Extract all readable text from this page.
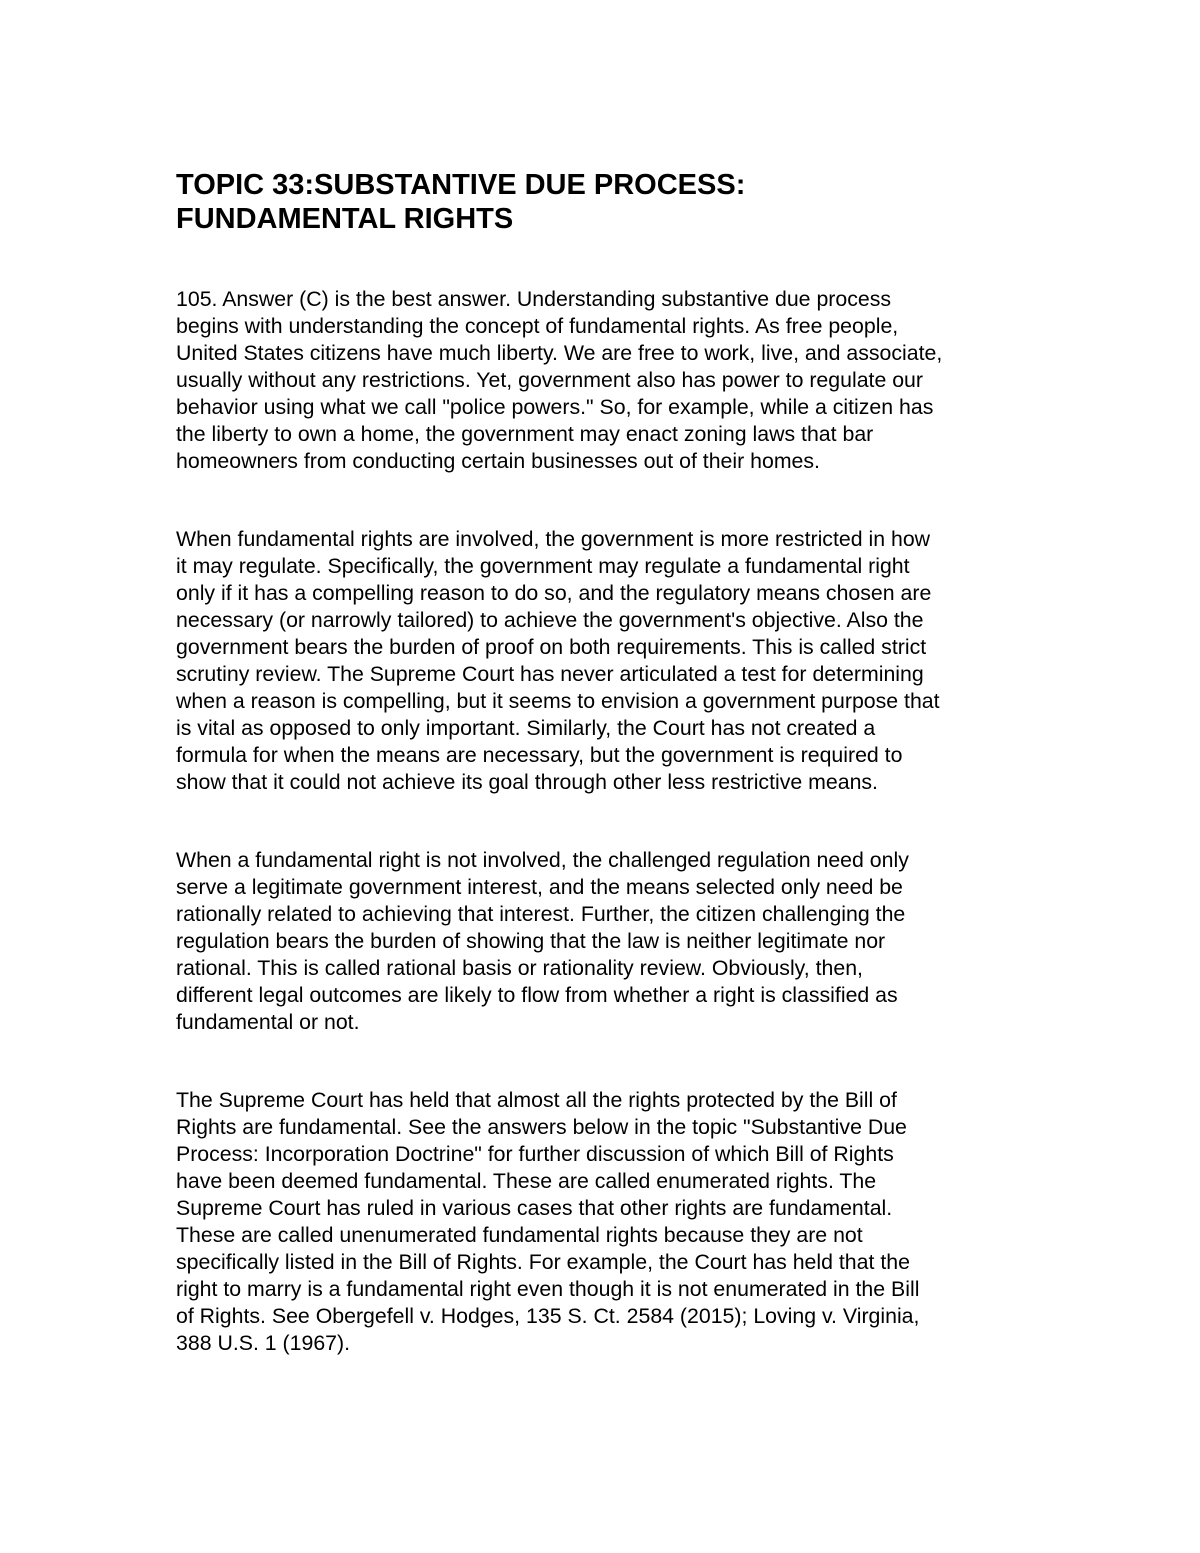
TOPIC 33:SUBSTANTIVE DUE PROCESS:
FUNDAMENTAL RIGHTS

105. Answer (C) is the best answer. Understanding substantive due process
begins with understanding the concept of fundamental rights. As free people,
United States citizens have much liberty. We are free to work, live, and associate,
usually without any restrictions. Yet, government also has power to regulate our
behavior using what we call "police powers." So, for example, while a citizen has
the liberty to own a home, the government may enact zoning laws that bar
homeowners from conducting certain businesses out of their homes.

When fundamental rights are involved, the government is more restricted in how
it may regulate. Specifically, the government may regulate a fundamental right
only if it has a compelling reason to do so, and the regulatory means chosen are
necessary (or narrowly tailored) to achieve the government's objective. Also the
government bears the burden of proof on both requirements. This is called strict
scrutiny review. The Supreme Court has never articulated a test for determining
when a reason is compelling, but it seems to envision a government purpose that
is vital as opposed to only important. Similarly, the Court has not created a
formula for when the means are necessary, but the government is required to
show that it could not achieve its goal through other less restrictive means.

When a fundamental right is not involved, the challenged regulation need only
serve a legitimate government interest, and the means selected only need be
rationally related to achieving that interest. Further, the citizen challenging the
regulation bears the burden of showing that the law is neither legitimate nor
rational. This is called rational basis or rationality review. Obviously, then,
different legal outcomes are likely to flow from whether a right is classified as
fundamental or not.

The Supreme Court has held that almost all the rights protected by the Bill of
Rights are fundamental. See the answers below in the topic "Substantive Due
Process: Incorporation Doctrine" for further discussion of which Bill of Rights
have been deemed fundamental. These are called enumerated rights. The
Supreme Court has ruled in various cases that other rights are fundamental.
These are called unenumerated fundamental rights because they are not
specifically listed in the Bill of Rights. For example, the Court has held that the
right to marry is a fundamental right even though it is not enumerated in the Bill
of Rights. See Obergefell v. Hodges, 135 S. Ct. 2584 (2015); Loving v. Virginia,
388 U.S. 1 (1967).
